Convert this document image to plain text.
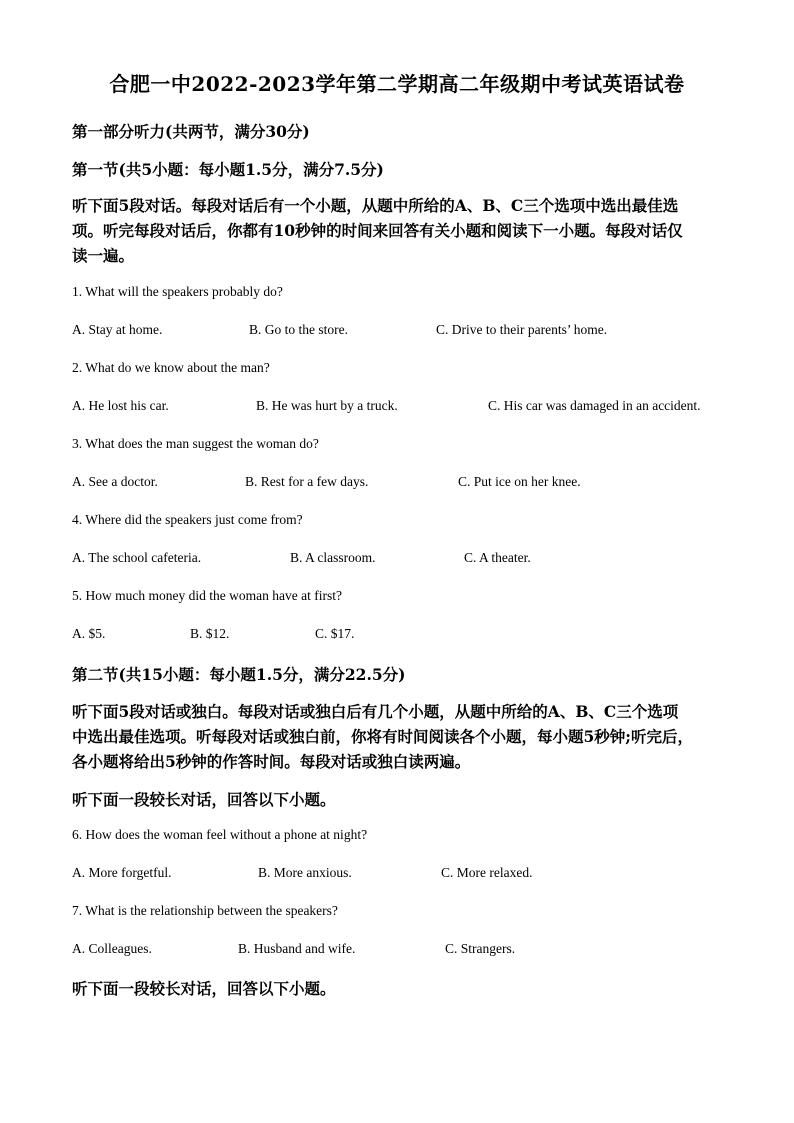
合肥一中2022-2023学年第二学期高二年级期中考试英语试卷
第一部分听力(共两节，满分30分)
第一节(共5小题：每小题1.5分，满分7.5分)
听下面5段对话。每段对话后有一个小题，从题中所给的A、B、C三个选项中选出最佳选
项。听完每段对话后，你都有10秒钟的时间来回答有关小题和阅读下一小题。每段对话仅
读一遍。
1. What will the speakers probably do?
A. Stay at home.	B. Go to the store.	C. Drive to their parents’ home.
2. What do we know about the man?
A. He lost his car.	B. He was hurt by a truck.	C. His car was damaged in an accident.
3. What does the man suggest the woman do?
A. See a doctor.	B. Rest for a few days.	C. Put ice on her knee.
4. Where did the speakers just come from?
A. The school cafeteria.	B. A classroom.	C. A theater.
5. How much money did the woman have at first?
A. $5.	B. $12.	C. $17.
第二节(共15小题：每小题1.5分，满分22.5分)
听下面5段对话或独白。每段对话或独白后有几个小题，从题中所给的A、B、C三个选项
中选出最佳选项。听每段对话或独白前，你将有时间阅读各个小题，每小题5秒钟;听完后，
各小题将给出5秒钟的作答时间。每段对话或独白读两遍。
听下面一段较长对话，回答以下小题。
6. How does the woman feel without a phone at night?
A. More forgetful.	B. More anxious.	C. More relaxed.
7. What is the relationship between the speakers?
A. Colleagues.	B. Husband and wife.	C. Strangers.
听下面一段较长对话，回答以下小题。
